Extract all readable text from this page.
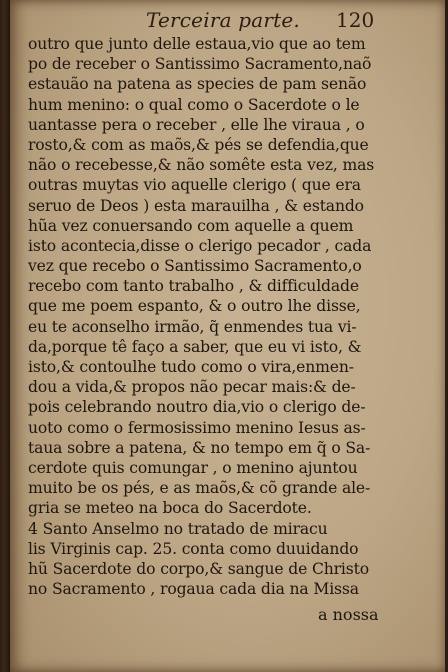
Terceira parte. 120
outro que junto delle estaua,vio que ao tem
po de receber o Santissimo Sacramento,naõ
estauão na patena as species de pam senão
hum menino: o qual como o Sacerdote o le
uantasse pera o receber , elle lhe viraua , o
rosto,& com as maõs,& pés se defendia,que
não o recebesse,& não somête esta vez, mas
outras muytas vio aquelle clerigo ( que era
seruo de Deos ) esta marauilha , & estando
hũa vez conuersando com aquelle a quem
isto acontecia,disse o clerigo pecador , cada
vez que recebo o Santissimo Sacramento,o
recebo com tanto trabalho , & difficuldade
que me poem espanto, & o outro lhe disse,
eu te aconselho irmão, q̃ enmendes tua vi-
da,porque tê faço a saber, que eu vi isto, &
isto,& contoulhe tudo como o vira,enmen-
dou a vida,& propos não pecar mais:& de-
pois celebrando noutro dia,vio o clerigo de-
uoto como o fermosissimo menino Iesus as-
taua sobre a patena, & no tempo em q̃ o Sa-
cerdote quis comungar , o menino ajuntou
muito be os pés, e as maõs,& cõ grande ale-
gria se meteo na boca do Sacerdote.
4 Santo Anselmo no tratado de miracu
lis Virginis cap. 25. conta como duuidando
hũ Sacerdote do corpo,& sangue de Christo
no Sacramento , rogaua cada dia na Missa
a nossa
